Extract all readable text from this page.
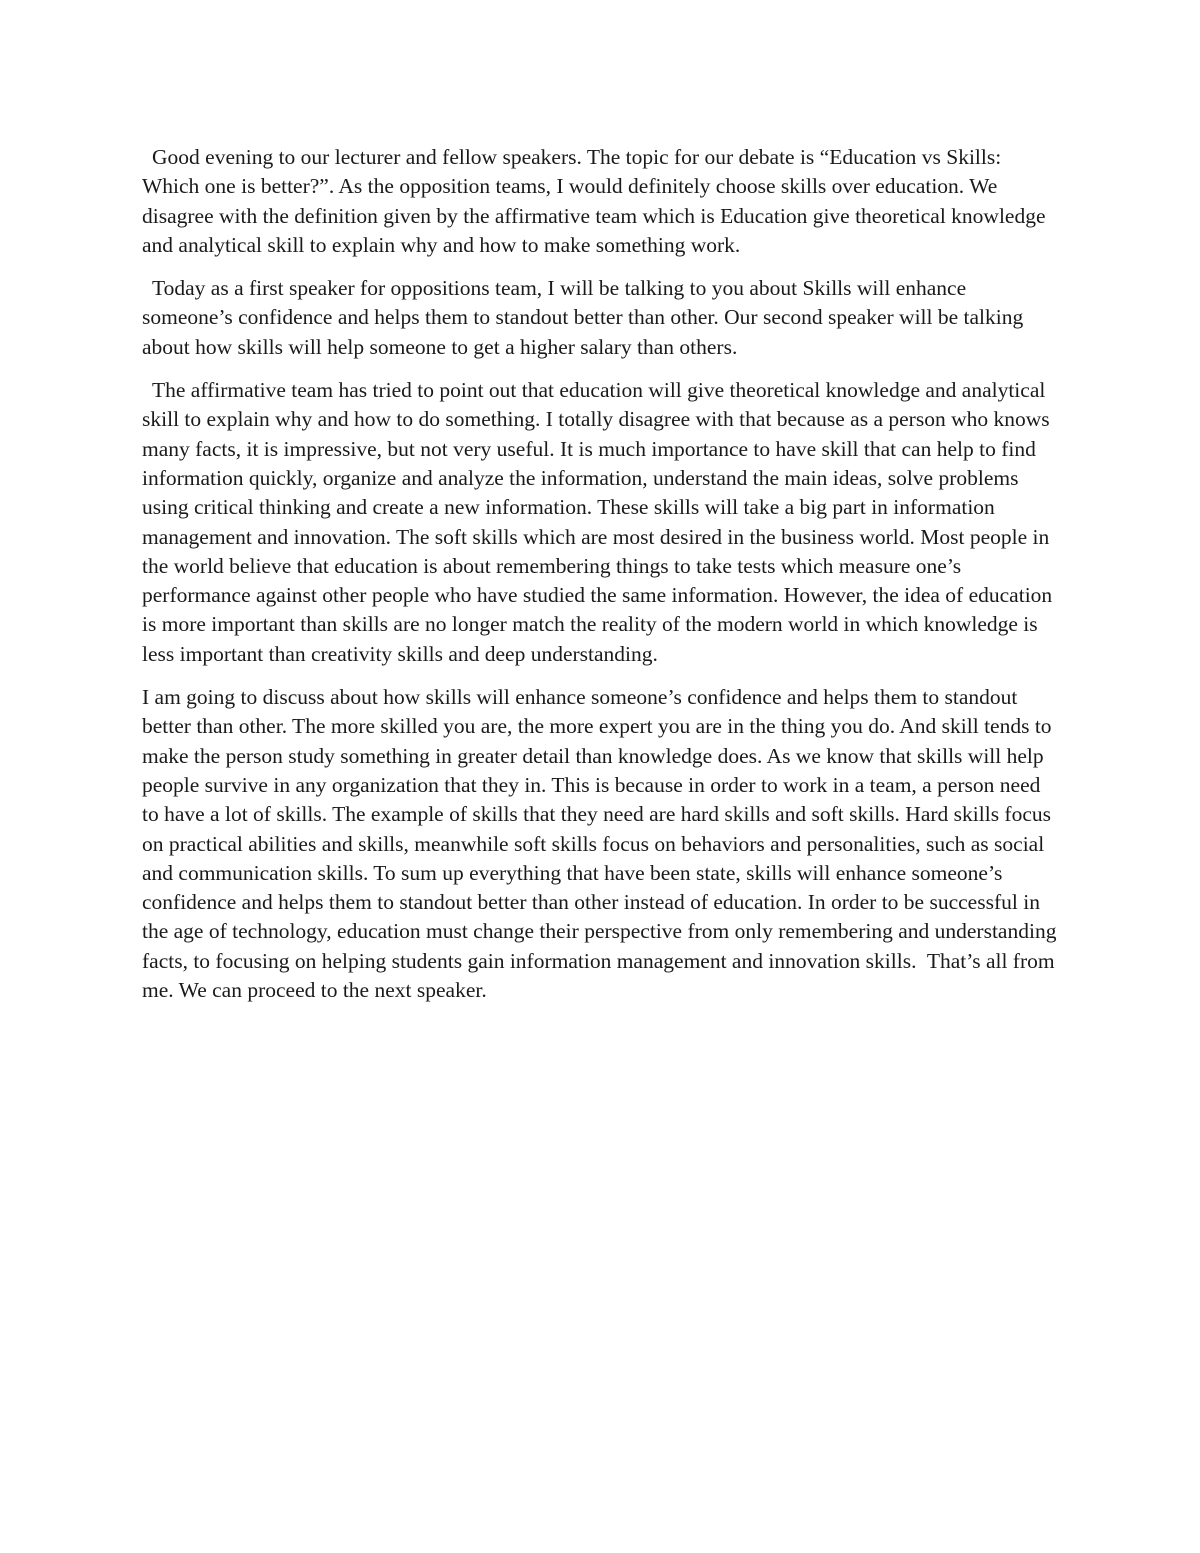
Good evening to our lecturer and fellow speakers. The topic for our debate is “Education vs Skills: Which one is better?”. As the opposition teams, I would definitely choose skills over education. We disagree with the definition given by the affirmative team which is Education give theoretical knowledge and analytical skill to explain why and how to make something work.

Today as a first speaker for oppositions team, I will be talking to you about Skills will enhance someone’s confidence and helps them to standout better than other. Our second speaker will be talking about how skills will help someone to get a higher salary than others.

The affirmative team has tried to point out that education will give theoretical knowledge and analytical skill to explain why and how to do something. I totally disagree with that because as a person who knows many facts, it is impressive, but not very useful. It is much importance to have skill that can help to find information quickly, organize and analyze the information, understand the main ideas, solve problems using critical thinking and create a new information. These skills will take a big part in information management and innovation. The soft skills which are most desired in the business world. Most people in the world believe that education is about remembering things to take tests which measure one’s performance against other people who have studied the same information. However, the idea of education is more important than skills are no longer match the reality of the modern world in which knowledge is less important than creativity skills and deep understanding.

I am going to discuss about how skills will enhance someone’s confidence and helps them to standout better than other. The more skilled you are, the more expert you are in the thing you do. And skill tends to make the person study something in greater detail than knowledge does. As we know that skills will help people survive in any organization that they in. This is because in order to work in a team, a person need to have a lot of skills. The example of skills that they need are hard skills and soft skills. Hard skills focus on practical abilities and skills, meanwhile soft skills focus on behaviors and personalities, such as social and communication skills. To sum up everything that have been state, skills will enhance someone’s confidence and helps them to standout better than other instead of education. In order to be successful in the age of technology, education must change their perspective from only remembering and understanding facts, to focusing on helping students gain information management and innovation skills.  That’s all from me. We can proceed to the next speaker.
